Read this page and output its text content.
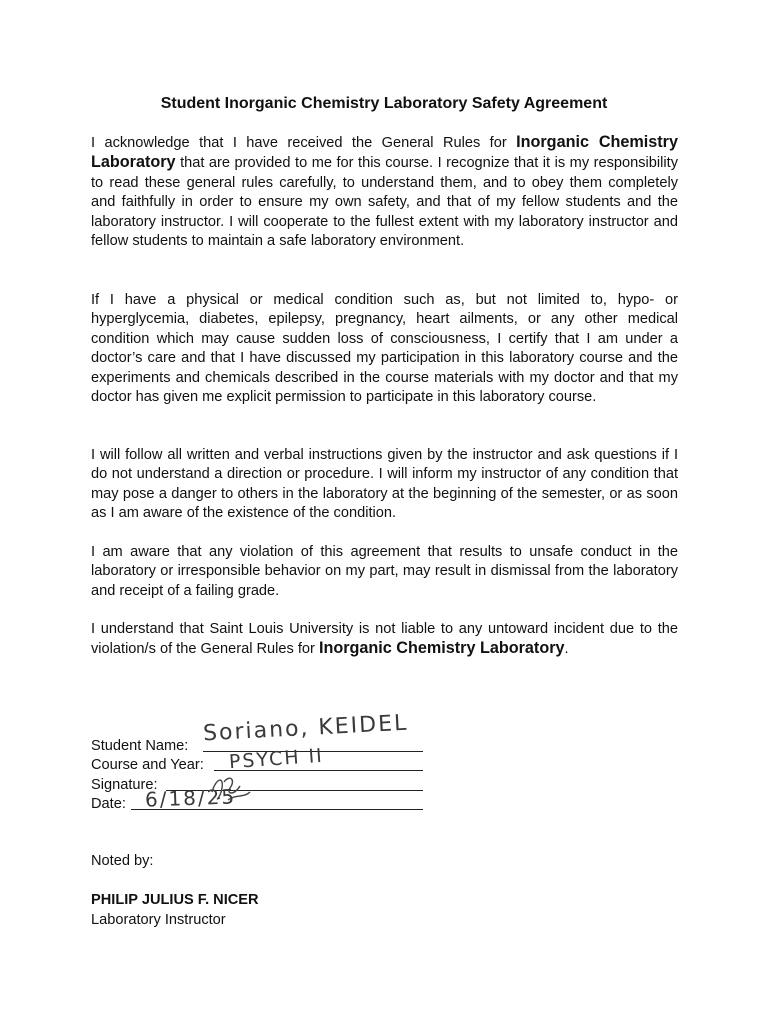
Student Inorganic Chemistry Laboratory Safety Agreement
I acknowledge that I have received the General Rules for Inorganic Chemistry Laboratory that are provided to me for this course. I recognize that it is my responsibility to read these general rules carefully, to understand them, and to obey them completely and faithfully in order to ensure my own safety, and that of my fellow students and the laboratory instructor. I will cooperate to the fullest extent with my laboratory instructor and fellow students to maintain a safe laboratory environment.
If I have a physical or medical condition such as, but not limited to, hypo- or hyperglycemia, diabetes, epilepsy, pregnancy, heart ailments, or any other medical condition which may cause sudden loss of consciousness, I certify that I am under a doctor’s care and that I have discussed my participation in this laboratory course and the experiments and chemicals described in the course materials with my doctor and that my doctor has given me explicit permission to participate in this laboratory course.
I will follow all written and verbal instructions given by the instructor and ask questions if I do not understand a direction or procedure. I will inform my instructor of any condition that may pose a danger to others in the laboratory at the beginning of the semester, or as soon as I am aware of the existence of the condition.
I am aware that any violation of this agreement that results to unsafe conduct in the laboratory or irresponsible behavior on my part, may result in dismissal from the laboratory and receipt of a failing grade.
I understand that Saint Louis University is not liable to any untoward incident due to the violation/s of the General Rules for Inorganic Chemistry Laboratory.
Student Name: Soriano, KEIDEL
Course and Year: PSYCH II
Signature:
Date: 6/18/25
Noted by:
PHILIP JULIUS F. NICER
Laboratory Instructor
